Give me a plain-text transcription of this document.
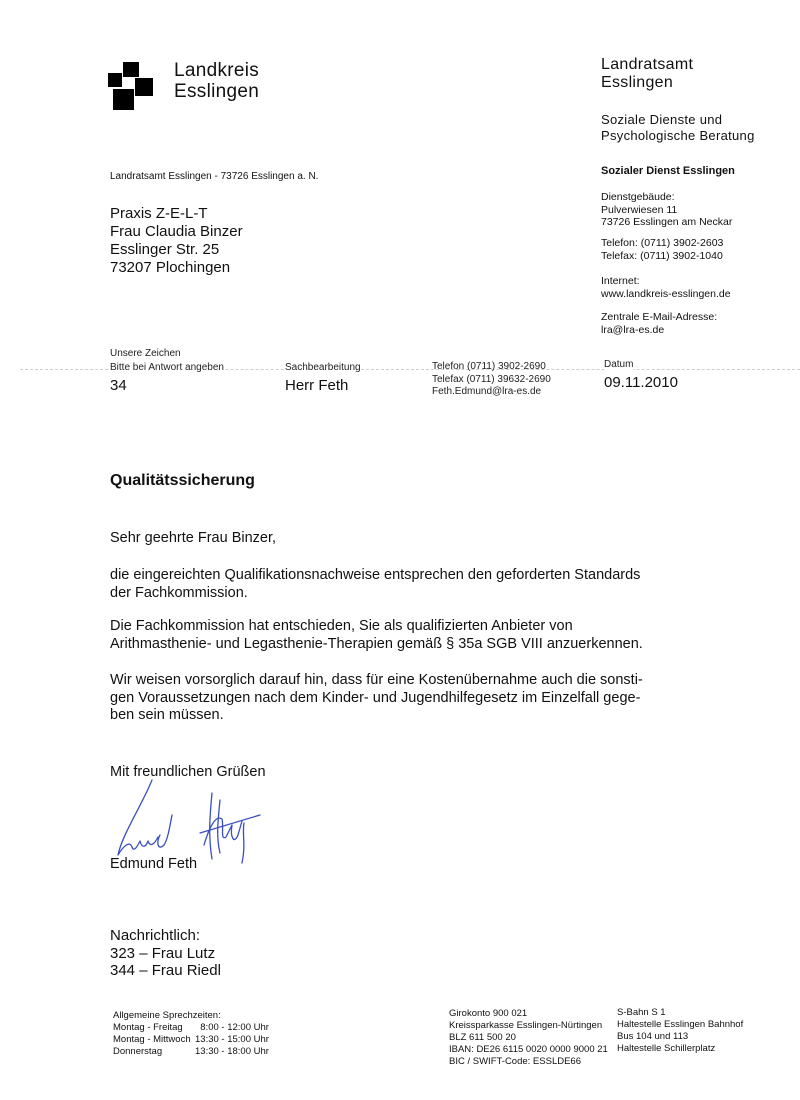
Landkreis
Esslingen
Landratsamt
Esslingen
Soziale Dienste und
Psychologische Beratung
Sozialer Dienst Esslingen
Dienstgebäude:
Pulverwiesen 11
73726 Esslingen am Neckar
Telefon: (0711) 3902-2603
Telefax: (0711) 3902-1040
Internet:
www.landkreis-esslingen.de
Zentrale E-Mail-Adresse:
lra@lra-es.de
Landratsamt Esslingen - 73726 Esslingen a. N.
Praxis Z-E-L-T
Frau Claudia Binzer
Esslinger Str. 25
73207 Plochingen
Unsere Zeichen
Bitte bei Antwort angeben
34
Sachbearbeitung
Herr Feth
Telefon (0711) 3902-2690
Telefax (0711) 39632-2690
Feth.Edmund@lra-es.de
Datum
09.11.2010
Qualitätssicherung
Sehr geehrte Frau Binzer,
die eingereichten Qualifikationsnachweise entsprechen den geforderten Standards
der Fachkommission.
Die Fachkommission hat entschieden, Sie als qualifizierten Anbieter von
Arithmasthenie- und Legasthenie-Therapien gemäß § 35a SGB VIII anzuerkennen.
Wir weisen vorsorglich darauf hin, dass für eine Kostenübernahme auch die sonsti-
gen Voraussetzungen nach dem Kinder- und Jugendhilfegesetz im Einzelfall gege-
ben sein müssen.
Mit freundlichen Grüßen
Edmund Feth
Nachrichtlich:
323 – Frau Lutz
344 – Frau Riedl
Allgemeine Sprechzeiten:
Montag - Freitag	8:00 - 12:00 Uhr
Montag - Mittwoch 13:30 - 15:00 Uhr
Donnerstag	13:30 - 18:00 Uhr
Girokonto 900 021
Kreissparkasse Esslingen-Nürtingen
BLZ 611 500 20
IBAN: DE26 6115 0020 0000 9000 21
BIC / SWIFT-Code: ESSLDE66
S-Bahn S 1
Haltestelle Esslingen Bahnhof
Bus 104 und 113
Haltestelle Schillerplatz
